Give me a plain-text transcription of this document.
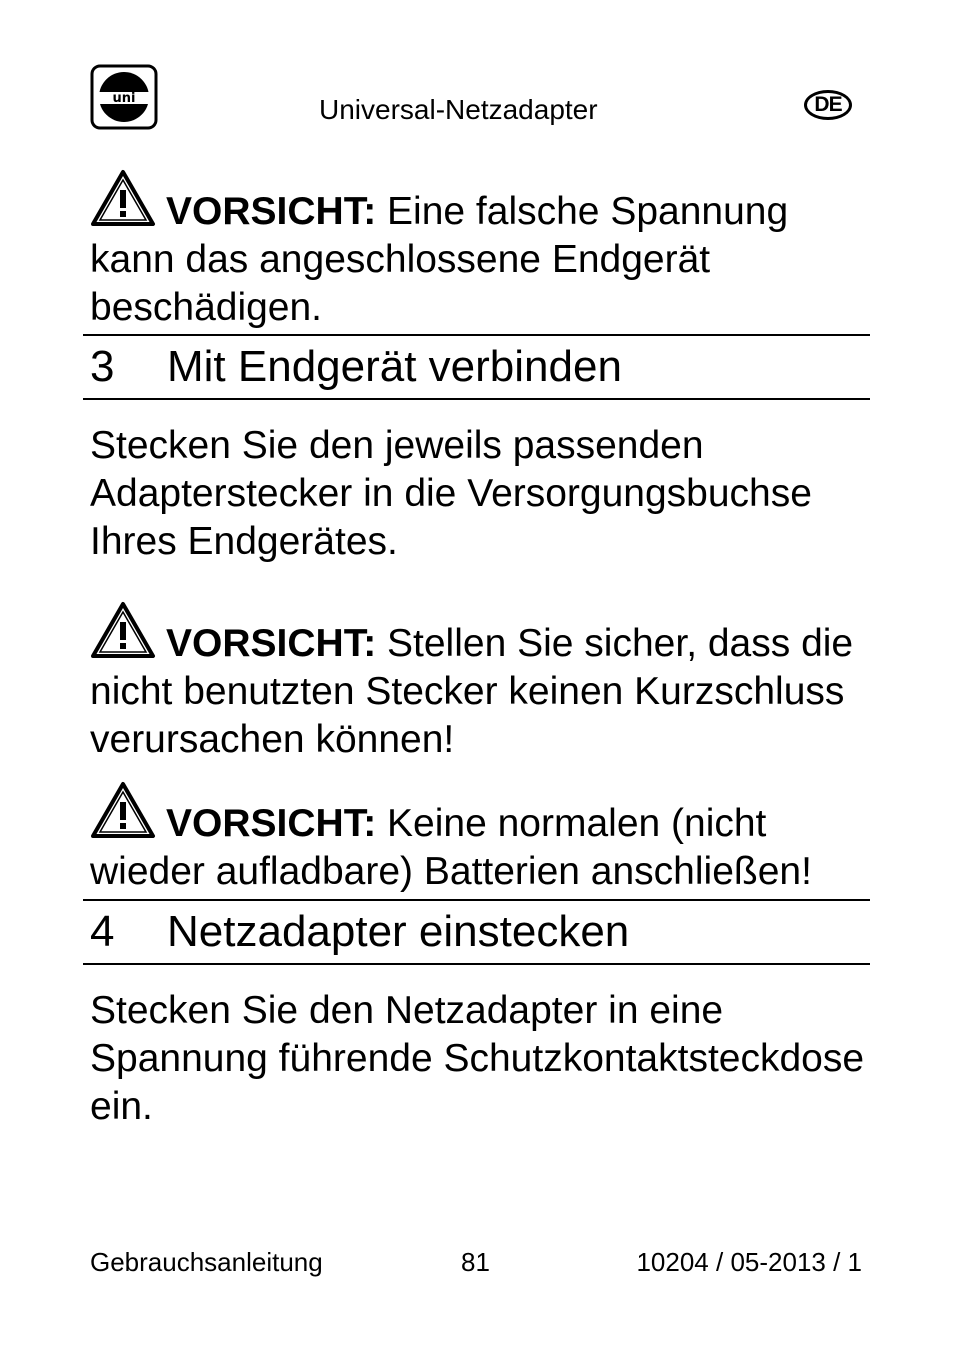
uni	Universal-Netzadapter	DE

VORSICHT: Eine falsche Spannung kann das angeschlossene Endgerät beschädigen.

3 Mit Endgerät verbinden

Stecken Sie den jeweils passenden Adapterstecker in die Versorgungsbuchse Ihres Endgerätes.

VORSICHT: Stellen Sie sicher, dass die nicht benutzten Stecker keinen Kurzschluss verursachen können!

VORSICHT: Keine normalen (nicht wieder aufladbare) Batterien anschließen!

4 Netzadapter einstecken

Stecken Sie den Netzadapter in eine Spannung führende Schutzkontaktsteckdose ein.

Gebrauchsanleitung	81	10204 / 05-2013 / 1
